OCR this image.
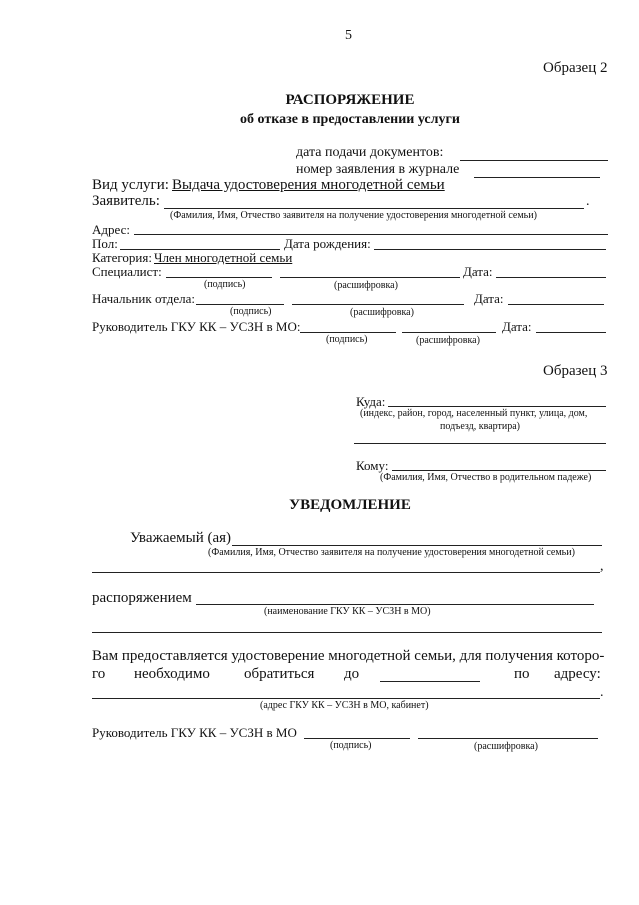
5
Образец 2
РАСПОРЯЖЕНИЕ
об отказе в предоставлении услуги
дата подачи документов:
номер заявления в журнале
Вид услуги: Выдача удостоверения многодетной семьи
Заявитель:	.
(Фамилия, Имя, Отчество заявителя на получение удостоверения многодетной семьи)
Адрес:
Пол:	Дата рождения:
Категория: Член многодетной семьи
Специалист:	Дата:
(подпись)	(расшифровка)
Начальник отдела:	Дата:
(подпись)	(расшифровка)
Руководитель ГКУ КК – УСЗН в МО:	Дата:
(подпись)	(расшифровка)
Образец 3
Куда:
(индекс, район, город, населенный пункт, улица, дом,
подъезд, квартира)
Кому:
(Фамилия, Имя, Отчество в родительном падеже)
УВЕДОМЛЕНИЕ
Уважаемый (ая)
(Фамилия, Имя, Отчество заявителя на получение удостоверения многодетной семьи)
,
распоряжением
(наименование ГКУ КК – УСЗН в МО)
Вам предоставляется удостоверение многодетной семьи, для получения которо-
го необходимо обратиться до	по адресу:
.
(адрес ГКУ КК – УСЗН в МО, кабинет)
Руководитель ГКУ КК – УСЗН в МО
(подпись)	(расшифровка)
